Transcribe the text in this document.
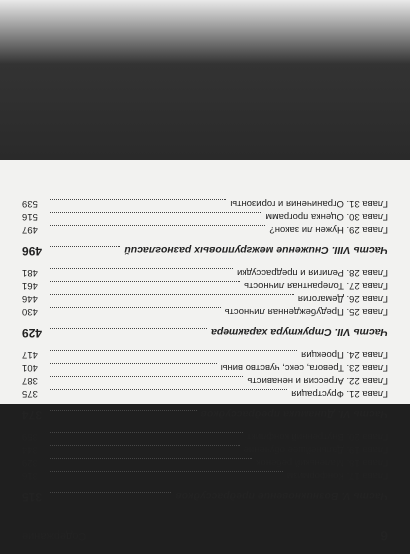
6
Содержание
Часть V. Возникновение предрассудков
315
Глава 17. Конформизм
316
Глава 18. Маленький ребенок
329
Глава 19. Дальнейшее обучение
344
Глава 20. Внутренний конфликт
359
Часть VI. Динамика предрассудков
374
Глава 21. Фрустрация
375
Глава 22. Агрессия и ненависть
387
Глава 23. Тревога, секс, чувство вины
401
Глава 24. Проекция
417
Часть VII. Структура характера
429
Глава 25. Предубежденная личность
430
Глава 26. Демагогия
446
Глава 27. Толерантная личность
461
Глава 28. Религия и предрассудки
481
Часть VIII. Снижение межгрупповых разногласий
496
Глава 29. Нужен ли закон?
497
Глава 30. Оценка программ
516
Глава 31. Ограничения и горизонты
539
